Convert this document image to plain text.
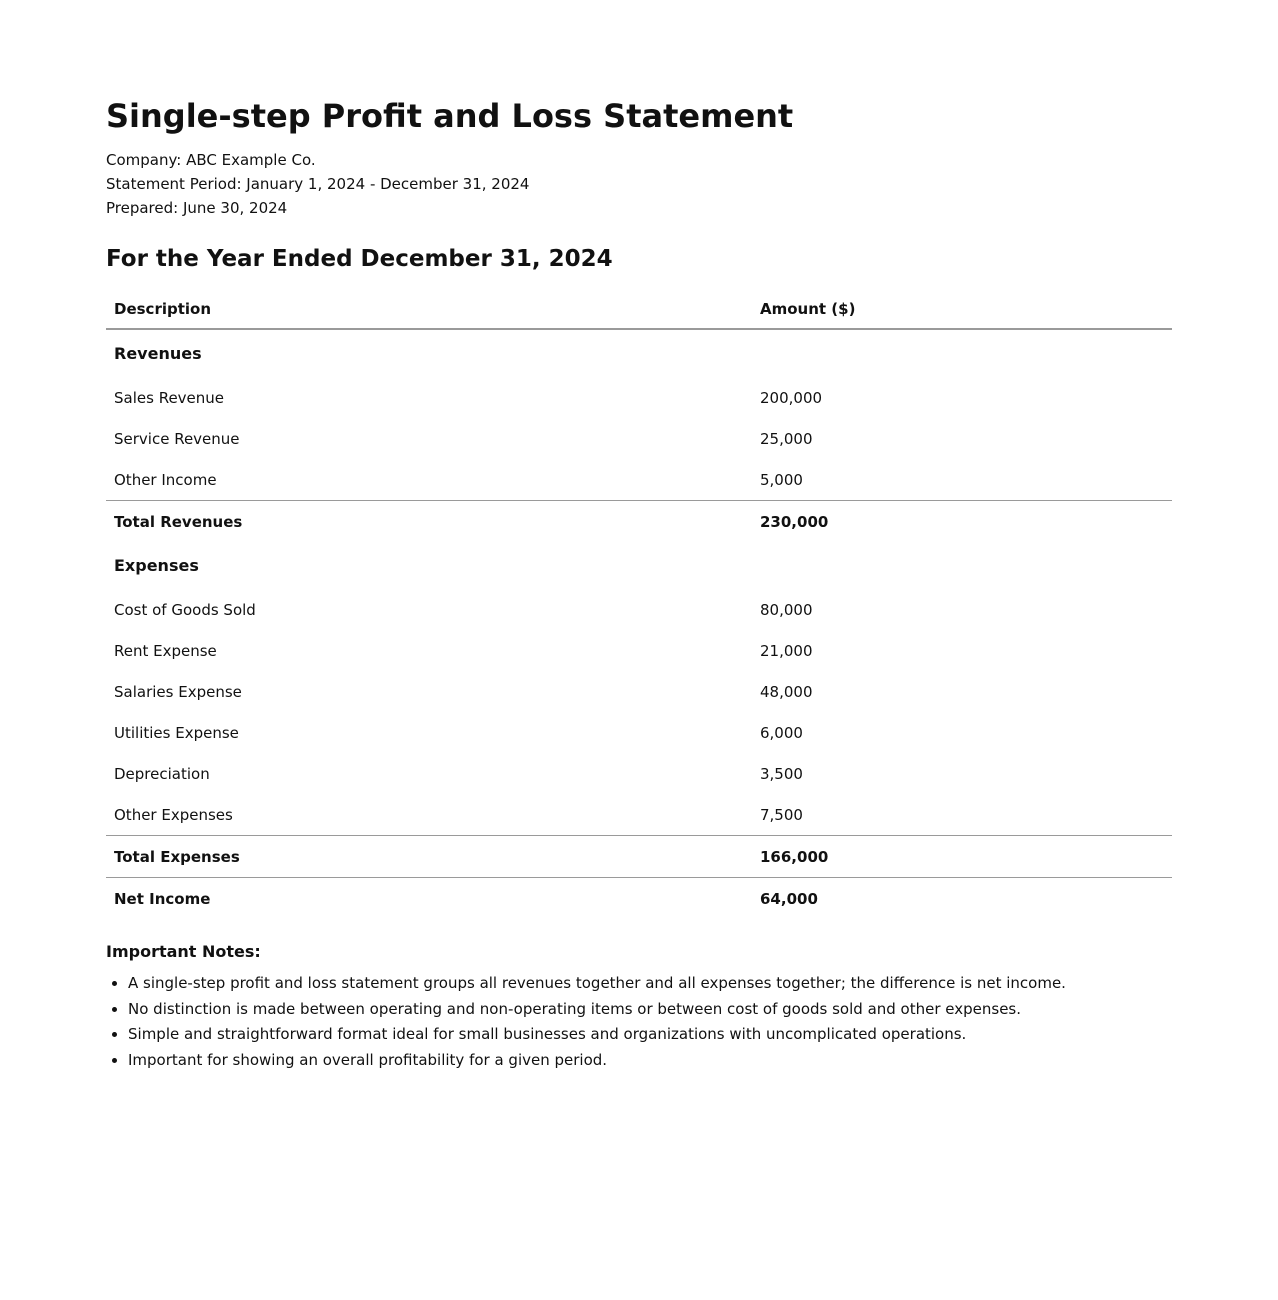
Single-step Profit and Loss Statement
Company: ABC Example Co.
Statement Period: January 1, 2024 - December 31, 2024
Prepared: June 30, 2024
For the Year Ended December 31, 2024
Description	Amount ($)
Revenues	
Sales Revenue	200,000
Service Revenue	25,000
Other Income	5,000
Total Revenues	230,000
Expenses	
Cost of Goods Sold	80,000
Rent Expense	21,000
Salaries Expense	48,000
Utilities Expense	6,000
Depreciation	3,500
Other Expenses	7,500
Total Expenses	166,000
Net Income	64,000
Important Notes:
• A single-step profit and loss statement groups all revenues together and all expenses together; the difference is net income.
• No distinction is made between operating and non-operating items or between cost of goods sold and other expenses.
• Simple and straightforward format ideal for small businesses and organizations with uncomplicated operations.
• Important for showing an overall profitability for a given period.
